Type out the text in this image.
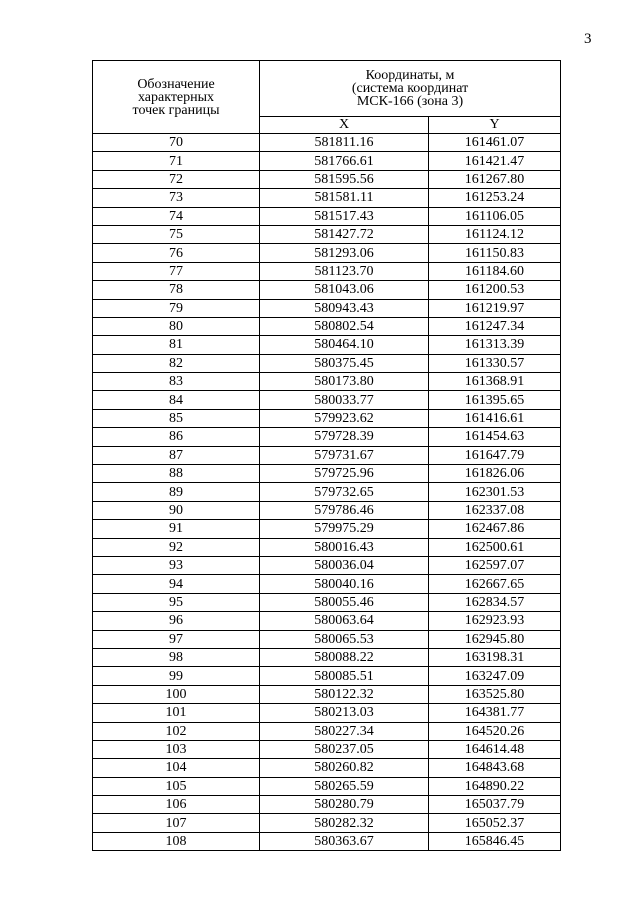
3
Обозначение
характерных
точек границы	Координаты, м
(система координат
МСК-166 (зона 3)	

	X	Y
70	581811.16	161461.07
71	581766.61	161421.47
72	581595.56	161267.80
73	581581.11	161253.24
74	581517.43	161106.05
75	581427.72	161124.12
76	581293.06	161150.83
77	581123.70	161184.60
78	581043.06	161200.53
79	580943.43	161219.97
80	580802.54	161247.34
81	580464.10	161313.39
82	580375.45	161330.57
83	580173.80	161368.91
84	580033.77	161395.65
85	579923.62	161416.61
86	579728.39	161454.63
87	579731.67	161647.79
88	579725.96	161826.06
89	579732.65	162301.53
90	579786.46	162337.08
91	579975.29	162467.86
92	580016.43	162500.61
93	580036.04	162597.07
94	580040.16	162667.65
95	580055.46	162834.57
96	580063.64	162923.93
97	580065.53	162945.80
98	580088.22	163198.31
99	580085.51	163247.09
100	580122.32	163525.80
101	580213.03	164381.77
102	580227.34	164520.26
103	580237.05	164614.48
104	580260.82	164843.68
105	580265.59	164890.22
106	580280.79	165037.79
107	580282.32	165052.37
108	580363.67	165846.45
